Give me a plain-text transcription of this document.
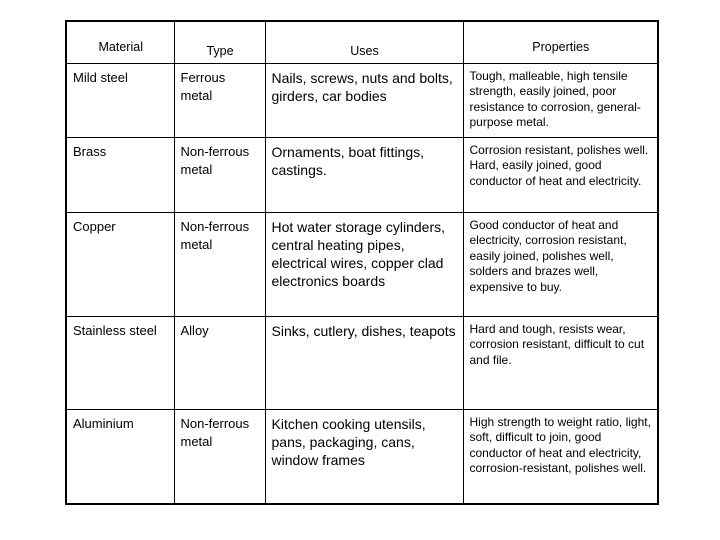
Material	Type	Uses	Properties
Mild steel	Ferrous metal	Nails, screws, nuts and bolts, girders, car bodies	Tough, malleable, high tensile strength, easily joined, poor resistance to corrosion, general-purpose metal.
Brass	Non-ferrous metal	Ornaments, boat fittings, castings.	Corrosion resistant, polishes well. Hard, easily joined, good conductor of heat and electricity.
Copper	Non-ferrous metal	Hot water storage cylinders, central heating pipes, electrical wires, copper clad electronics boards	Good conductor of heat and electricity, corrosion resistant, easily joined, polishes well, solders and brazes well, expensive to buy.
Stainless steel	Alloy	Sinks, cutlery, dishes, teapots	Hard and tough, resists wear, corrosion resistant, difficult to cut and file.
Aluminium	Non-ferrous metal	Kitchen cooking utensils, pans, packaging, cans, window frames	High strength to weight ratio, light, soft, difficult to join, good conductor of heat and electricity, corrosion-resistant, polishes well.
